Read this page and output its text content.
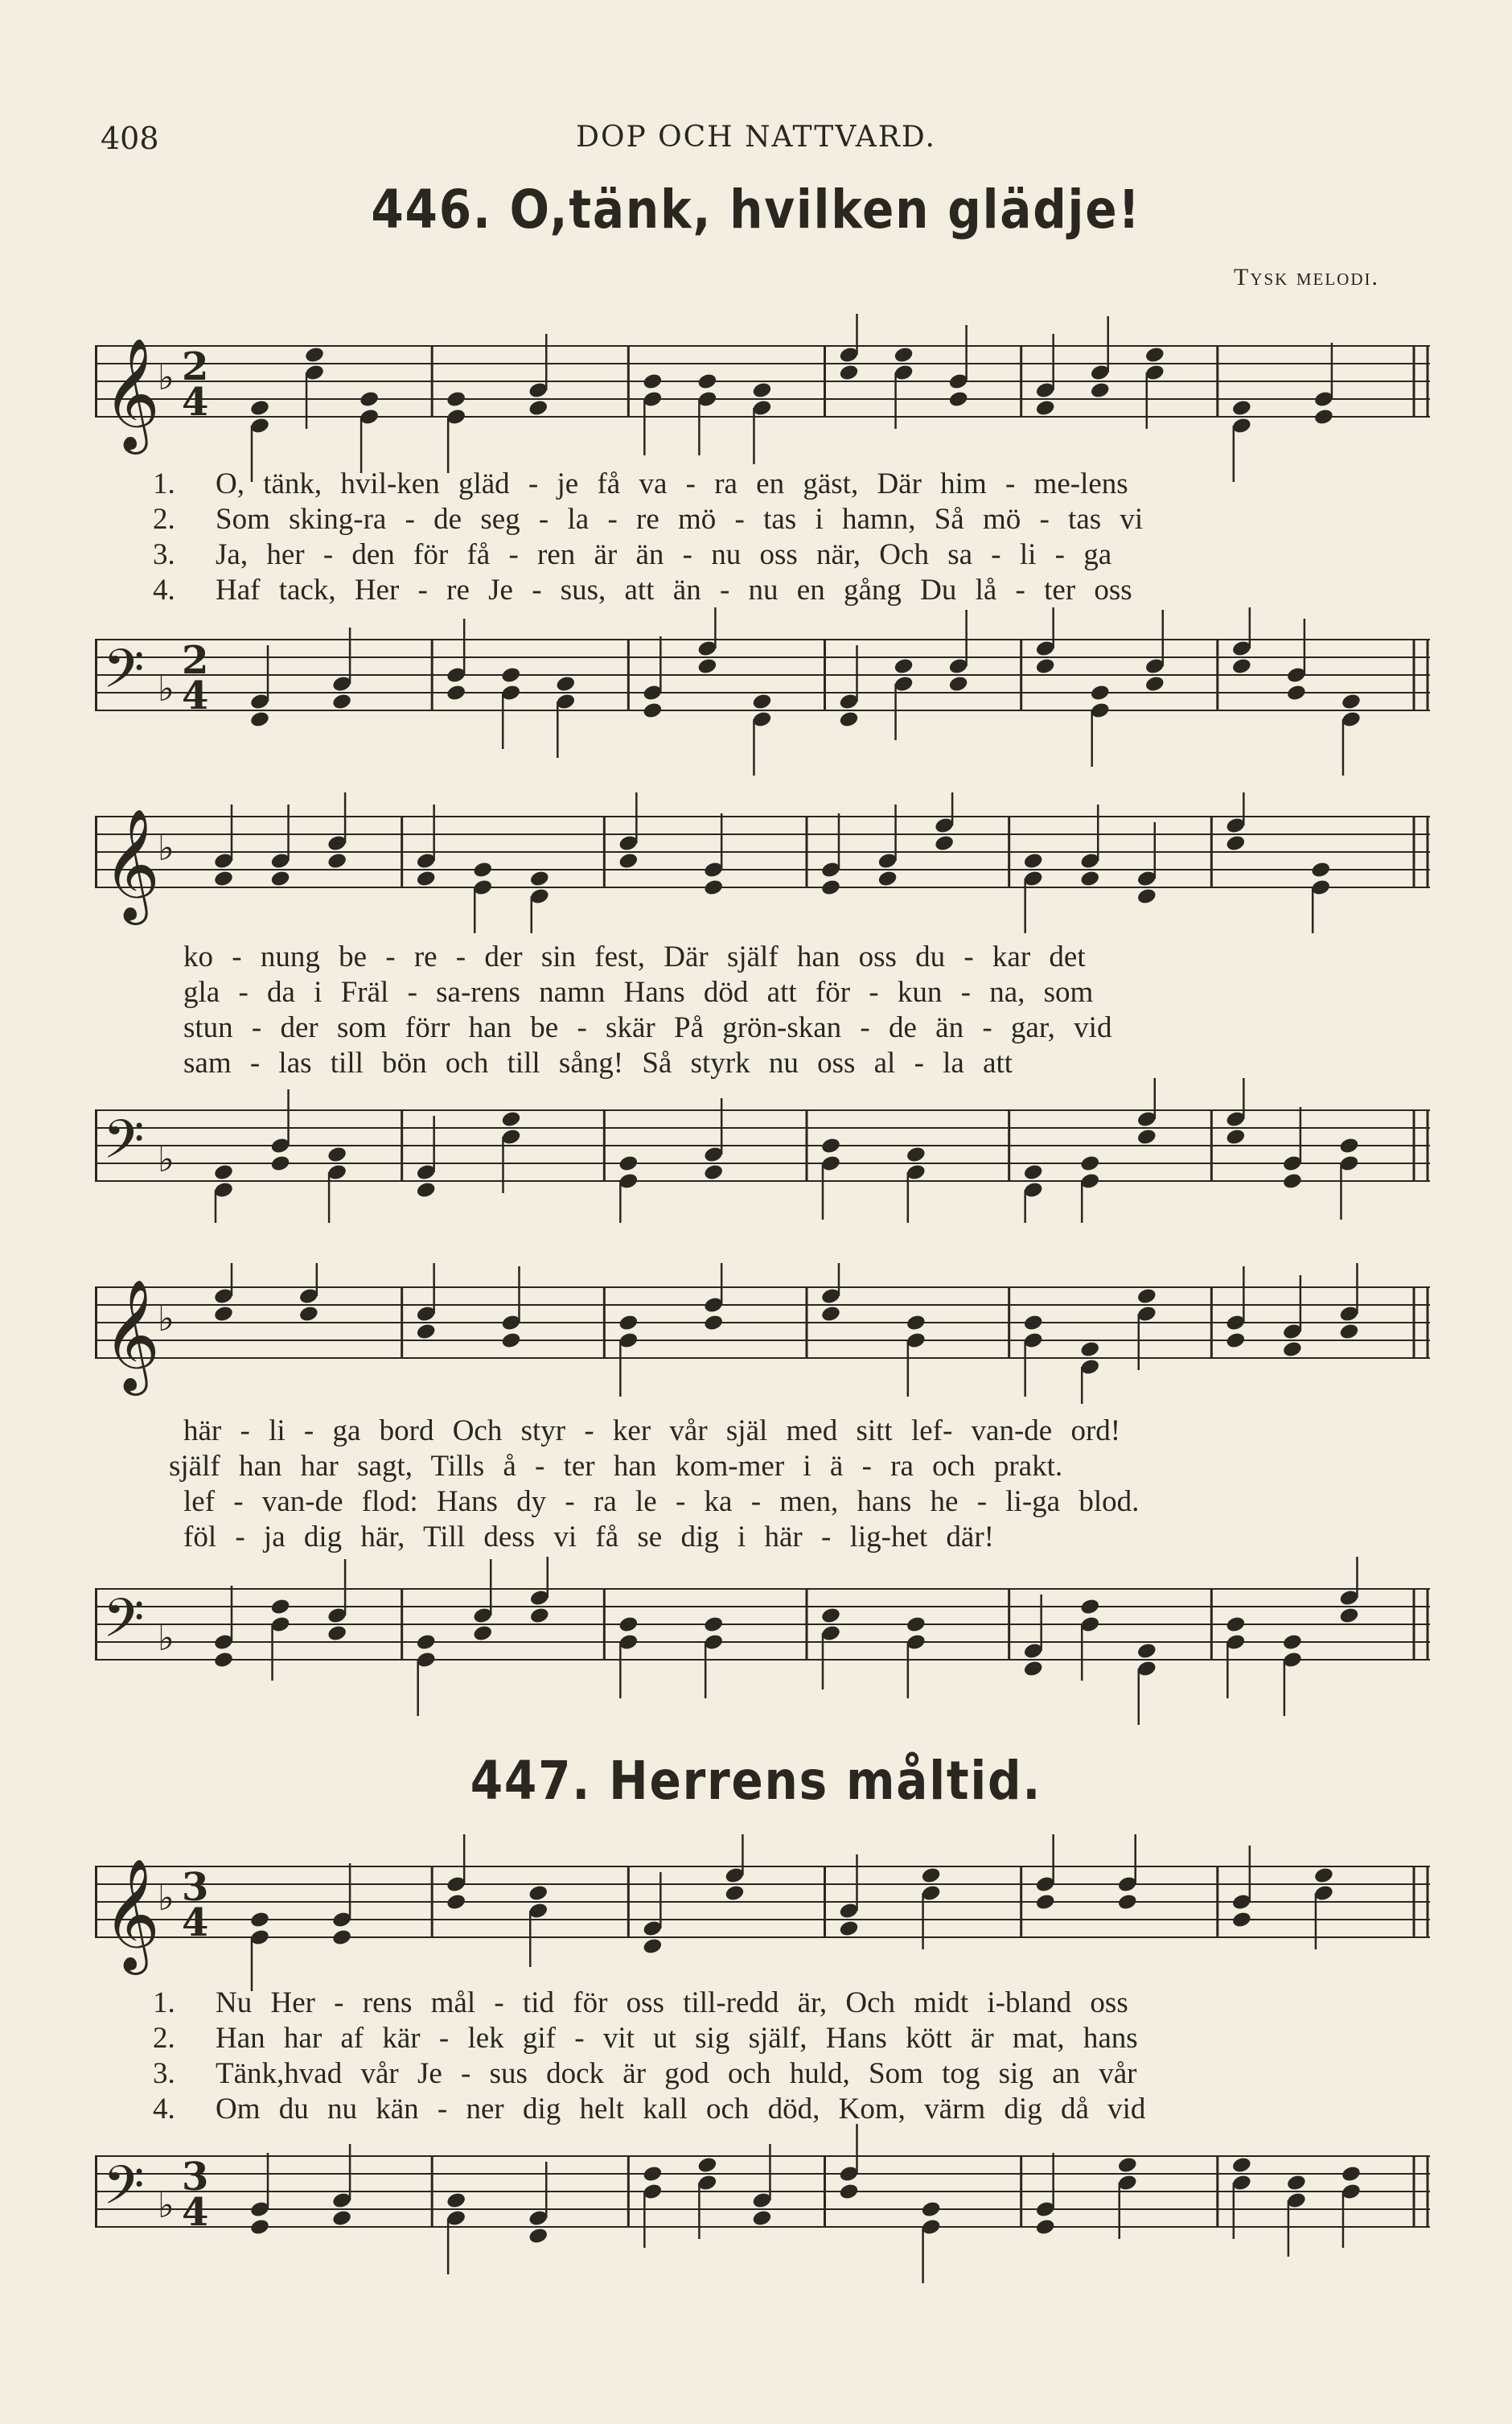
408	DOP OCH NATTVARD.
446. O,tänk, hvilken glädje!
Tysk melodi.
𝄞
♭ 2
4
1. O, tänk, hvil-ken gläd - je få va - ra en gäst, Där him - me-lens
2. Som sking-ra - de seg - la - re mö - tas i hamn, Så mö - tas vi
3. Ja, her - den för få - ren är än - nu oss när, Och sa - li - ga
4. Haf tack, Her - re Je - sus, att än - nu en gång Du lå - ter oss
𝄢 ♭
2
4
𝄞
♭
ko - nung be - re - der sin fest, Där själf han oss du - kar det
gla - da i Fräl - sa-rens namn Hans död att för - kun - na, som
stun - der som förr han be - skär På grön-skan - de än - gar, vid
sam - las till bön och till sång! Så styrk nu oss al - la att
𝄢 ♭
𝄞
♭
här - li - ga bord Och styr - ker vår själ med sitt lef- van-de ord!
själf han har sagt, Tills å - ter han kom-mer i ä - ra och prakt.
lef - van-de flod: Hans dy - ra le - ka - men, hans he - li-ga blod.
föl - ja dig här, Till dess vi få se dig i här - lig-het där!
𝄢 ♭
447. Herrens måltid.
𝄞
♭ 3
4
1. Nu Her - rens mål - tid för oss till-redd är, Och midt i-bland oss
2. Han har af kär - lek gif - vit ut sig själf, Hans kött är mat, hans
3. Tänk,hvad vår Je - sus dock är god och huld, Som tog sig an vår
4. Om du nu kän - ner dig helt kall och död, Kom, värm dig då vid
𝄢 ♭
3
4
